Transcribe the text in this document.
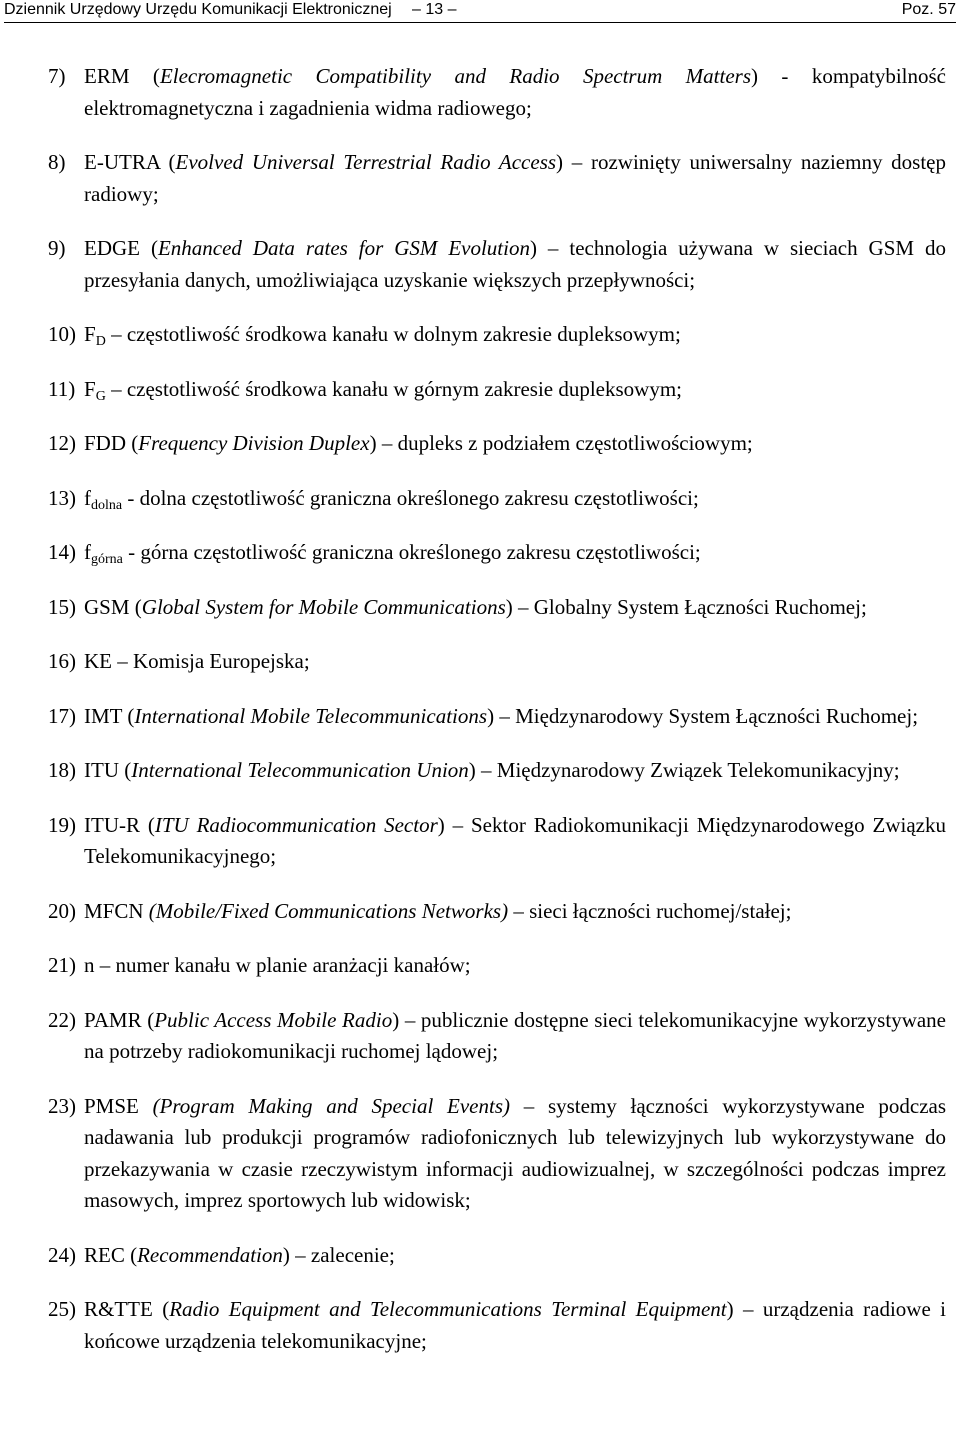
Dziennik Urzędowy Urzędu Komunikacji Elektronicznej – 13 –	Poz. 57
7) ERM (Elecromagnetic Compatibility and Radio Spectrum Matters) - kompatybilność elektromagnetyczna i zagadnienia widma radiowego;
8) E-UTRA (Evolved Universal Terrestrial Radio Access) – rozwinięty uniwersalny naziemny dostęp radiowy;
9) EDGE (Enhanced Data rates for GSM Evolution) – technologia używana w sieciach GSM do przesyłania danych, umożliwiająca uzyskanie większych przepływności;
10) $F_D$ – częstotliwość środkowa kanału w dolnym zakresie dupleksowym;
11) $F_G$ – częstotliwość środkowa kanału w górnym zakresie dupleksowym;
12) FDD (Frequency Division Duplex) – dupleks z podziałem częstotliwościowym;
13) $f_{dolna}$ - dolna częstotliwość graniczna określonego zakresu częstotliwości;
14) $f_{górna}$ - górna częstotliwość graniczna określonego zakresu częstotliwości;
15) GSM (Global System for Mobile Communications) – Globalny System Łączności Ruchomej;
16) KE – Komisja Europejska;
17) IMT (International Mobile Telecommunications) – Międzynarodowy System Łączności Ruchomej;
18) ITU (International Telecommunication Union) – Międzynarodowy Związek Telekomunikacyjny;
19) ITU-R (ITU Radiocommunication Sector) – Sektor Radiokomunikacji Międzynarodowego Związku Telekomunikacyjnego;
20) MFCN (Mobile/Fixed Communications Networks) – sieci łączności ruchomej/stałej;
21) n – numer kanału w planie aranżacji kanałów;
22) PAMR (Public Access Mobile Radio) – publicznie dostępne sieci telekomunikacyjne wykorzystywane na potrzeby radiokomunikacji ruchomej lądowej;
23) PMSE (Program Making and Special Events) – systemy łączności wykorzystywane podczas nadawania lub produkcji programów radiofonicznych lub telewizyjnych lub wykorzystywane do przekazywania w czasie rzeczywistym informacji audiowizualnej, w szczególności podczas imprez masowych, imprez sportowych lub widowisk;
24) REC (Recommendation) – zalecenie;
25) R&TTE (Radio Equipment and Telecommunications Terminal Equipment) – urządzenia radiowe i końcowe urządzenia telekomunikacyjne;
